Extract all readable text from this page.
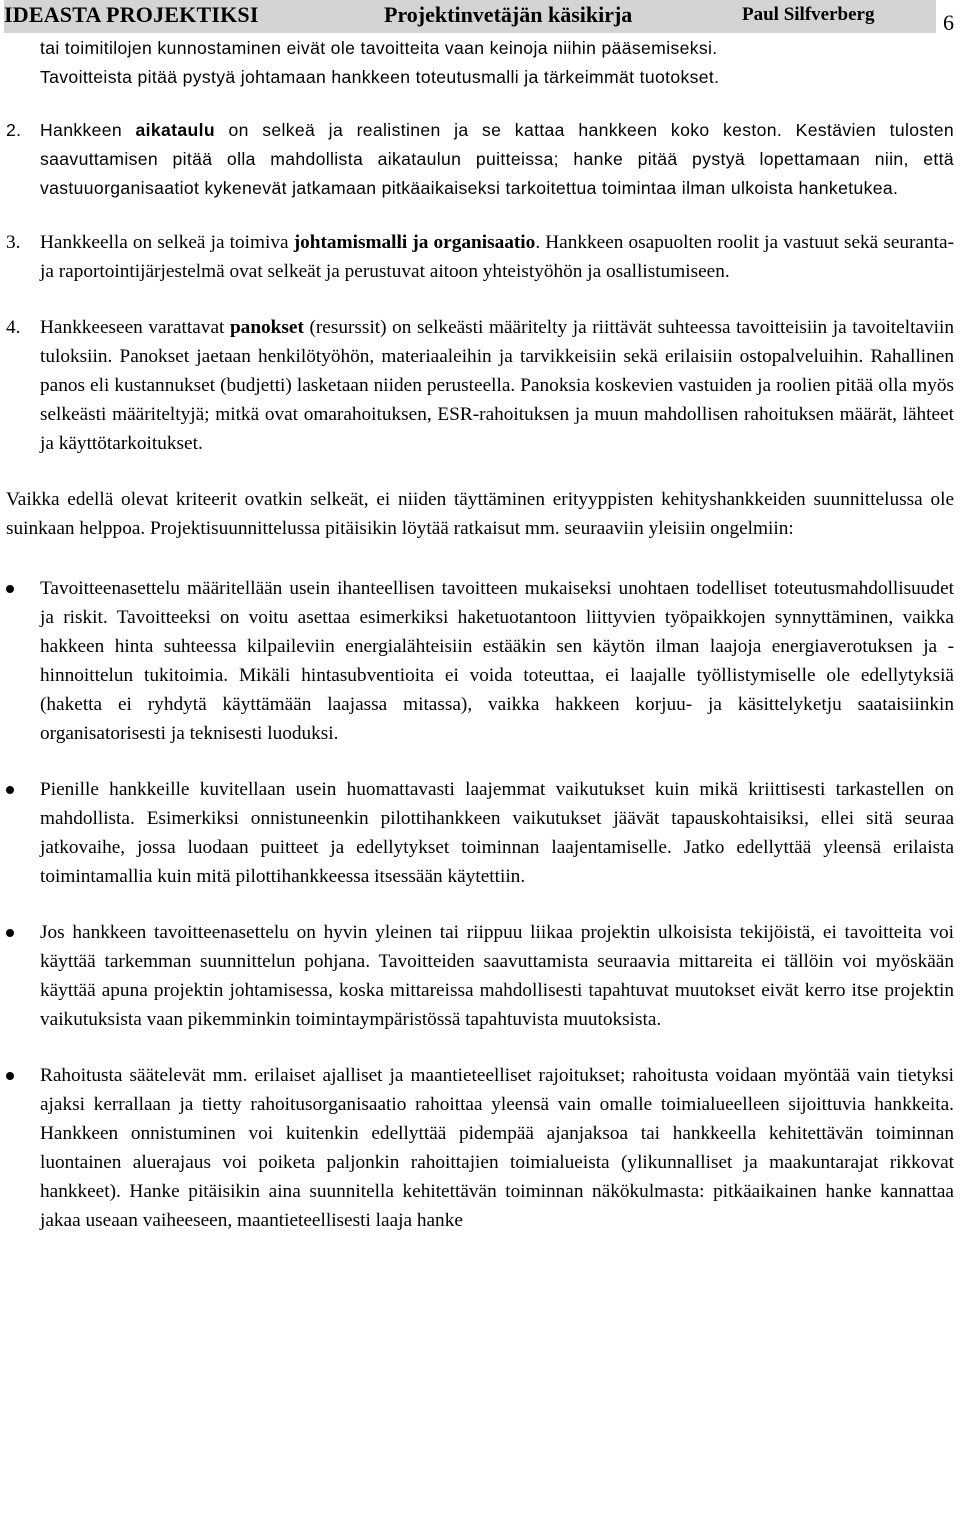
IDEASTA PROJEKTIKSI	Projektinvetäjän käsikirja	Paul Silfverberg	6
tai toimitilojen kunnostaminen eivät ole tavoitteita vaan keinoja niihin pääsemiseksi.
Tavoitteista pitää pystyä johtamaan hankkeen toteutusmalli ja tärkeimmät tuotokset.

2. Hankkeen aikataulu on selkeä ja realistinen ja se kattaa hankkeen koko keston. Kestävien tulosten saavuttamisen pitää olla mahdollista aikataulun puitteissa; hanke pitää pystyä lopettamaan niin, että vastuuorganisaatiot kykenevät jatkamaan pitkäaikaiseksi tarkoitettua toimintaa ilman ulkoista hanketukea.

3. Hankkeella on selkeä ja toimiva johtamismalli ja organisaatio. Hankkeen osapuolten roolit ja vastuut sekä seuranta- ja raportointijärjestelmä ovat selkeät ja perustuvat aitoon yhteistyöhön ja osallistumiseen.

4. Hankkeeseen varattavat panokset (resurssit) on selkeästi määritelty ja riittävät suhteessa tavoitteisiin ja tavoiteltaviin tuloksiin. Panokset jaetaan henkilötyöhön, materiaaleihin ja tarvikkeisiin sekä erilaisiin ostopalveluihin. Rahallinen panos eli kustannukset (budjetti) lasketaan niiden perusteella. Panoksia koskevien vastuiden ja roolien pitää olla myös selkeästi määriteltyjä; mitkä ovat omarahoituksen, ESR-rahoituksen ja muun mahdollisen rahoituksen määrät, lähteet ja käyttötarkoitukset.

Vaikka edellä olevat kriteerit ovatkin selkeät, ei niiden täyttäminen erityyppisten kehityshankkeiden suunnittelussa ole suinkaan helppoa. Projektisuunnittelussa pitäisikin löytää ratkaisut mm. seuraaviin yleisiin ongelmiin:

Tavoitteenasettelu määritellään usein ihanteellisen tavoitteen mukaiseksi unohtaen todelliset toteutusmahdollisuudet ja riskit. Tavoitteeksi on voitu asettaa esimerkiksi haketuotantoon liittyvien työpaikkojen synnyttäminen, vaikka hakkeen hinta suhteessa kilpaileviin energialähteisiin estääkin sen käytön ilman laajoja energiaverotuksen ja -hinnoittelun tukitoimia. Mikäli hintasubventioita ei voida toteuttaa, ei laajalle työllistymiselle ole edellytyksiä (haketta ei ryhdytä käyttämään laajassa mitassa), vaikka hakkeen korjuu- ja käsittelyketju saataisiinkin organisatorisesti ja teknisesti luoduksi.

Pienille hankkeille kuvitellaan usein huomattavasti laajemmat vaikutukset kuin mikä kriittisesti tarkastellen on mahdollista. Esimerkiksi onnistuneenkin pilottihankkeen vaikutukset jäävät tapauskohtaisiksi, ellei sitä seuraa jatkovaihe, jossa luodaan puitteet ja edellytykset toiminnan laajentamiselle. Jatko edellyttää yleensä erilaista toimintamallia kuin mitä pilottihankkeessa itsessään käytettiin.

Jos hankkeen tavoitteenasettelu on hyvin yleinen tai riippuu liikaa projektin ulkoisista tekijöistä, ei tavoitteita voi käyttää tarkemman suunnittelun pohjana. Tavoitteiden saavuttamista seuraavia mittareita ei tällöin voi myöskään käyttää apuna projektin johtamisessa, koska mittareissa mahdollisesti tapahtuvat muutokset eivät kerro itse projektin vaikutuksista vaan pikemminkin toimintaympäristössä tapahtuvista muutoksista.

Rahoitusta säätelevät mm. erilaiset ajalliset ja maantieteelliset rajoitukset; rahoitusta voidaan myöntää vain tietyksi ajaksi kerrallaan ja tietty rahoitusorganisaatio rahoittaa yleensä vain omalle toimialueelleen sijoittuvia hankkeita. Hankkeen onnistuminen voi kuitenkin edellyttää pidempää ajanjaksoa tai hankkeella kehitettävän toiminnan luontainen aluerajaus voi poiketa paljonkin rahoittajien toimialueista (ylikunnalliset ja maakuntarajat rikkovat hankkeet). Hanke pitäisikin aina suunnitella kehitettävän toiminnan näkökulmasta: pitkäaikainen hanke kannattaa jakaa useaan vaiheeseen, maantieteellisesti laaja hanke
